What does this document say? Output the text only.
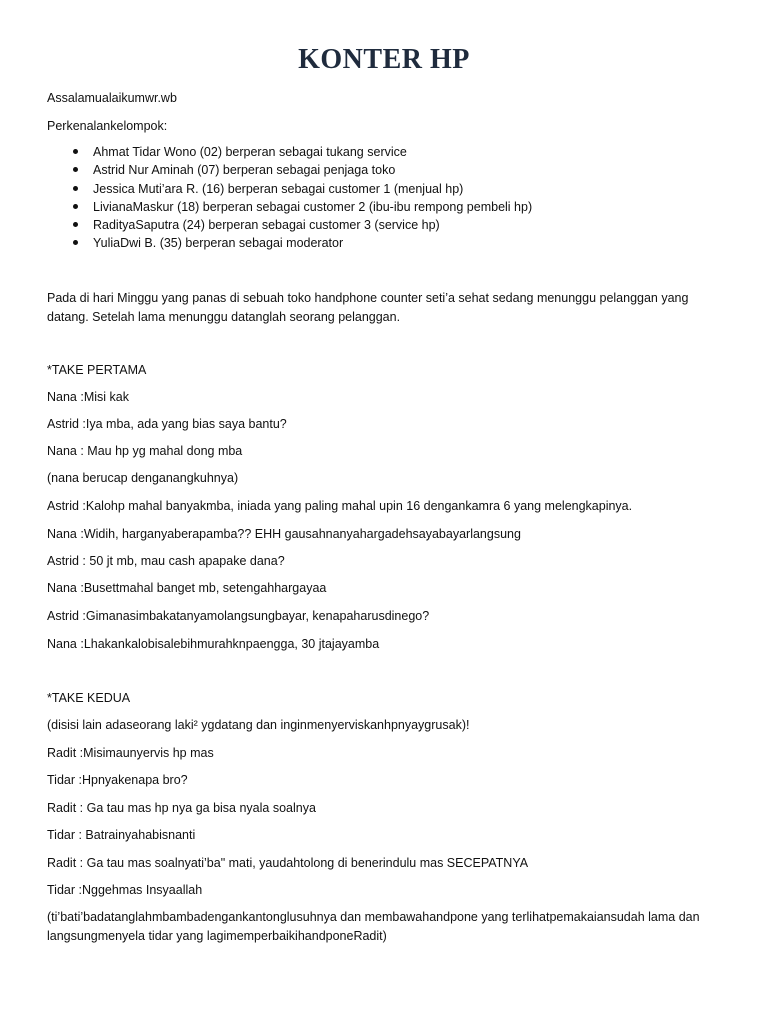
KONTER HP

Assalamualaikumwr.wb

Perkenalankelompok:

Ahmat Tidar Wono (02) berperan sebagai tukang service
Astrid Nur Aminah (07) berperan sebagai penjaga toko
Jessica Muti’ara R. (16) berperan sebagai customer 1 (menjual hp)
LivianaMaskur (18) berperan sebagai customer 2 (ibu-ibu rempong pembeli hp)
RadityaSaputra (24) berperan sebagai customer 3 (service hp)
YuliaDwi B. (35) berperan sebagai moderator

Pada di hari Minggu yang panas di sebuah toko handphone counter seti’a sehat sedang menunggu pelanggan yang datang. Setelah lama menunggu datanglah seorang pelanggan.

*TAKE PERTAMA

Nana :Misi kak

Astrid :Iya mba, ada yang bias saya bantu?

Nana : Mau hp yg mahal dong mba

(nana berucap denganangkuhnya)

Astrid :Kalohp mahal banyakmba, iniada yang paling mahal upin 16 dengankamra 6 yang melengkapinya.

Nana :Widih, harganyaberapamba?? EHH gausahnanyahargadehsayabayarlangsung

Astrid : 50 jt mb, mau cash apapake dana?

Nana :Busettmahal banget mb, setengahhargayaa

Astrid :Gimanasimbakatanyamolangsungbayar, kenapaharusdinego?

Nana :Lhakankalobisalebihmurahknpaengga, 30 jtajayamba

*TAKE KEDUA

(disisi lain adaseorang laki² ygdatang dan inginmenyerviskanhpnyaygrusak)!

Radit :Misimaunyervis hp mas

Tidar :Hpnyakenapa bro?

Radit : Ga tau mas hp nya ga bisa nyala soalnya

Tidar : Batrainyahabisnanti

Radit : Ga tau mas soalnyati’ba" mati, yaudahtolong di benerindulu mas SECEPATNYA

Tidar :Nggehmas Insyaallah

(ti’bati’badatanglahmbambadengankantonglusuhnya dan membawahandpone yang terlihatpemakaiansudah lama dan langsungmenyela tidar yang lagimemperbaikihandponeRadit)
